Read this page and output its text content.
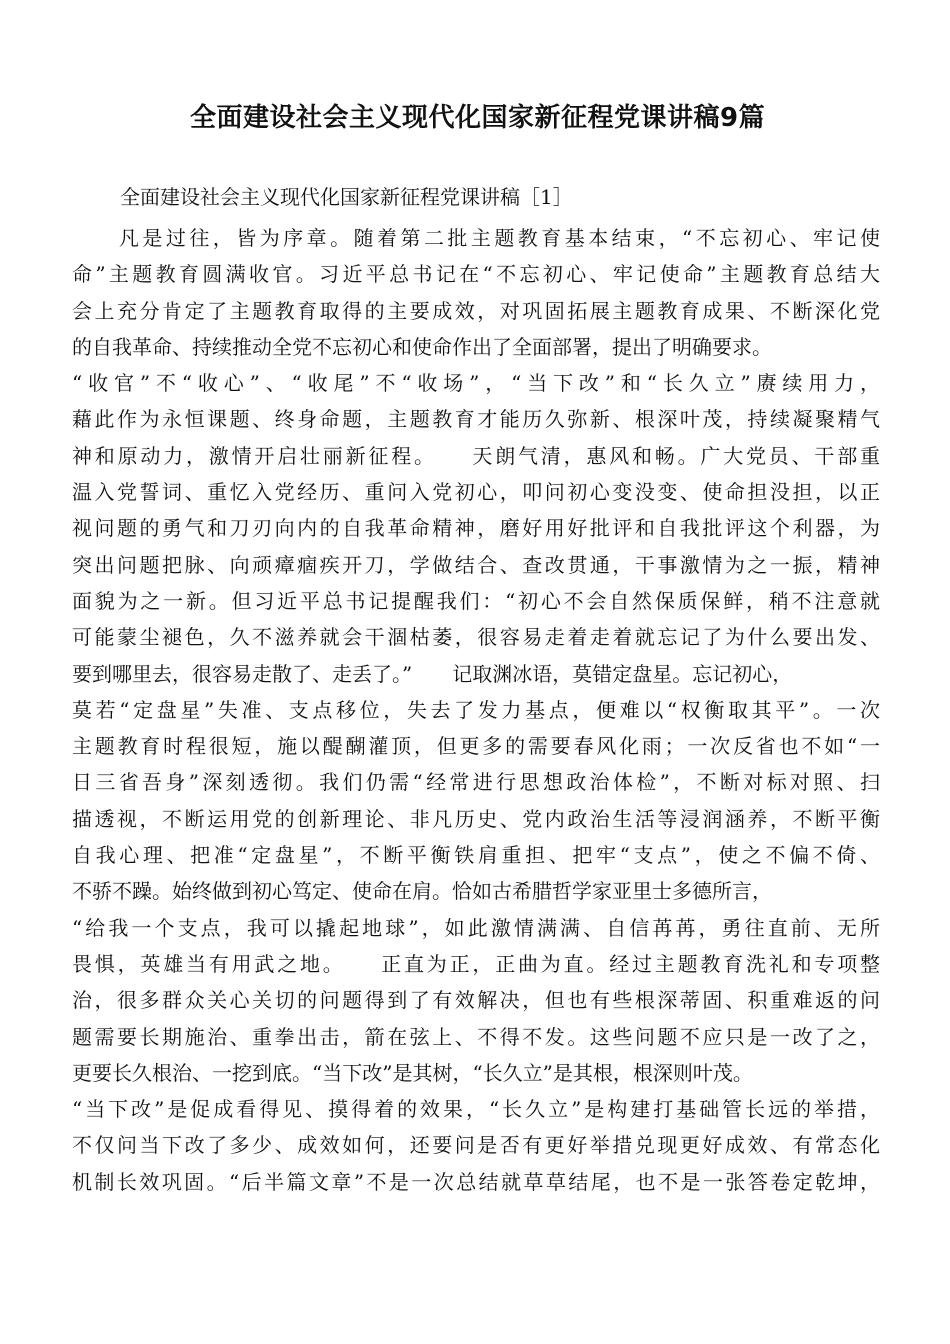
全面建设社会主义现代化国家新征程党课讲稿9篇

全面建设社会主义现代化国家新征程党课讲稿［1］

　　凡是过往，皆为序章。随着第二批主题教育基本结束，“不忘初心、牢记使
命”主题教育圆满收官。习近平总书记在“不忘初心、牢记使命”主题教育总结大
会上充分肯定了主题教育取得的主要成效，对巩固拓展主题教育成果、不断深化党
的自我革命、持续推动全党不忘初心和使命作出了全面部署，提出了明确要求。
“收官”不“收心”、“收尾”不“收场”，“当下改”和“长久立”赓续用力，
藉此作为永恒课题、终身命题，主题教育才能历久弥新、根深叶茂，持续凝聚精气
神和原动力，激情开启壮丽新征程。　　天朗气清，惠风和畅。广大党员、干部重
温入党誓词、重忆入党经历、重问入党初心，叩问初心变没变、使命担没担，以正
视问题的勇气和刀刃向内的自我革命精神，磨好用好批评和自我批评这个利器，为
突出问题把脉、向顽瘴痼疾开刀，学做结合、查改贯通，干事激情为之一振，精神
面貌为之一新。但习近平总书记提醒我们：“初心不会自然保质保鲜，稍不注意就
可能蒙尘褪色，久不滋养就会干涸枯萎，很容易走着走着就忘记了为什么要出发、
要到哪里去，很容易走散了、走丢了。”　　记取渊冰语，莫错定盘星。忘记初心，
莫若“定盘星”失准、支点移位，失去了发力基点，便难以“权衡取其平”。一次
主题教育时程很短，施以醍醐灌顶，但更多的需要春风化雨；一次反省也不如“一
日三省吾身”深刻透彻。我们仍需“经常进行思想政治体检”，不断对标对照、扫
描透视，不断运用党的创新理论、非凡历史、党内政治生活等浸润涵养，不断平衡
自我心理、把准“定盘星”，不断平衡铁肩重担、把牢“支点”，使之不偏不倚、
不骄不躁。始终做到初心笃定、使命在肩。恰如古希腊哲学家亚里士多德所言，
“给我一个支点，我可以撬起地球”，如此激情满满、自信苒苒，勇往直前、无所
畏惧，英雄当有用武之地。　　正直为正，正曲为直。经过主题教育洗礼和专项整
治，很多群众关心关切的问题得到了有效解决，但也有些根深蒂固、积重难返的问
题需要长期施治、重拳出击，箭在弦上、不得不发。这些问题不应只是一改了之，
更要长久根治、一挖到底。“当下改”是其树，“长久立”是其根，根深则叶茂。
“当下改”是促成看得见、摸得着的效果，“长久立”是构建打基础管长远的举措，
不仅问当下改了多少、成效如何，还要问是否有更好举措兑现更好成效、有常态化
机制长效巩固。“后半篇文章”不是一次总结就草草结尾，也不是一张答卷定乾坤，
